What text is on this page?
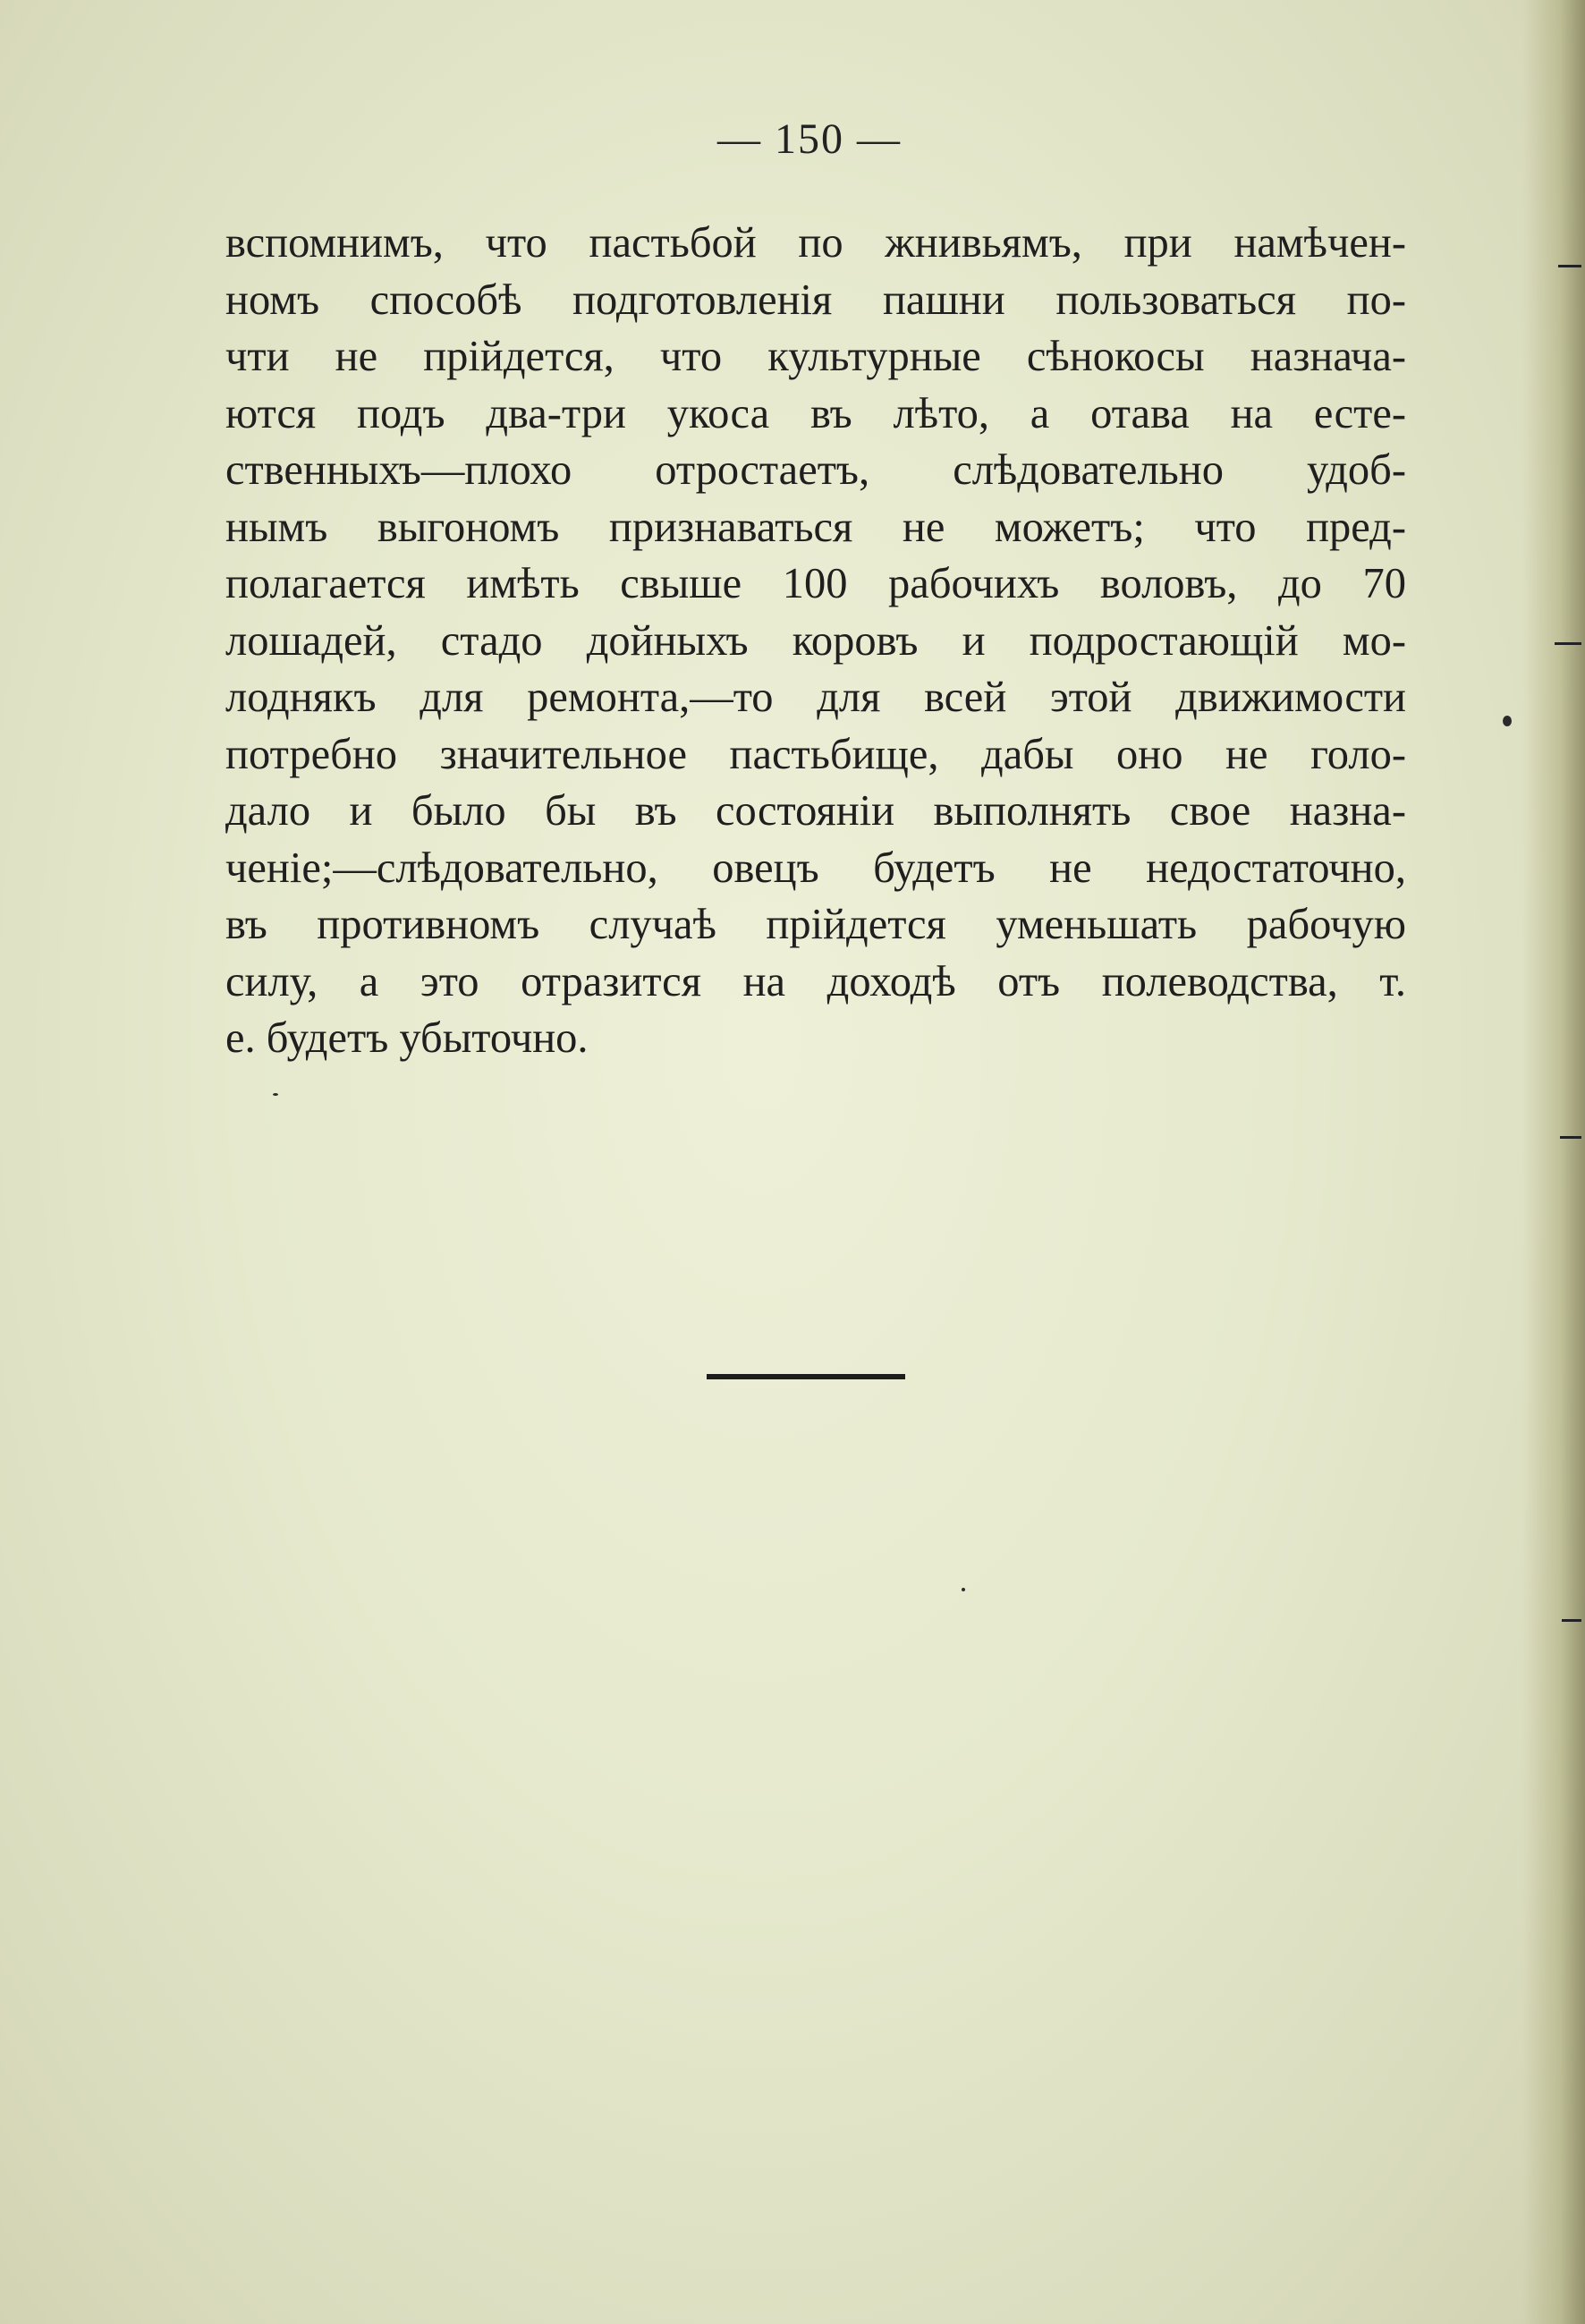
— 150 —
вспомнимъ, что пастьбой по жнивьямъ, при намѣчен-
номъ способѣ подготовленія пашни пользоваться по-
чти не прійдется, что культурные сѣнокосы назнача-
ются подъ два-три укоса въ лѣто, а отава на есте-
ственныхъ—плохо отростаетъ, слѣдовательно удоб-
нымъ выгономъ признаваться не можетъ; что пред-
полагается имѣть свыше 100 рабочихъ воловъ, до 70
лошадей, стадо дойныхъ коровъ и подростающій мо-
лоднякъ для ремонта,—то для всей этой движимости
потребно значительное пастьбище, дабы оно не голо-
дало и было бы въ состояніи выполнять свое назна-
ченіе;—слѣдовательно, овецъ будетъ не недостаточно,
въ противномъ случаѣ прійдется уменьшать рабочую
силу, а это отразится на доходѣ отъ полеводства, т.
е. будетъ убыточно.
